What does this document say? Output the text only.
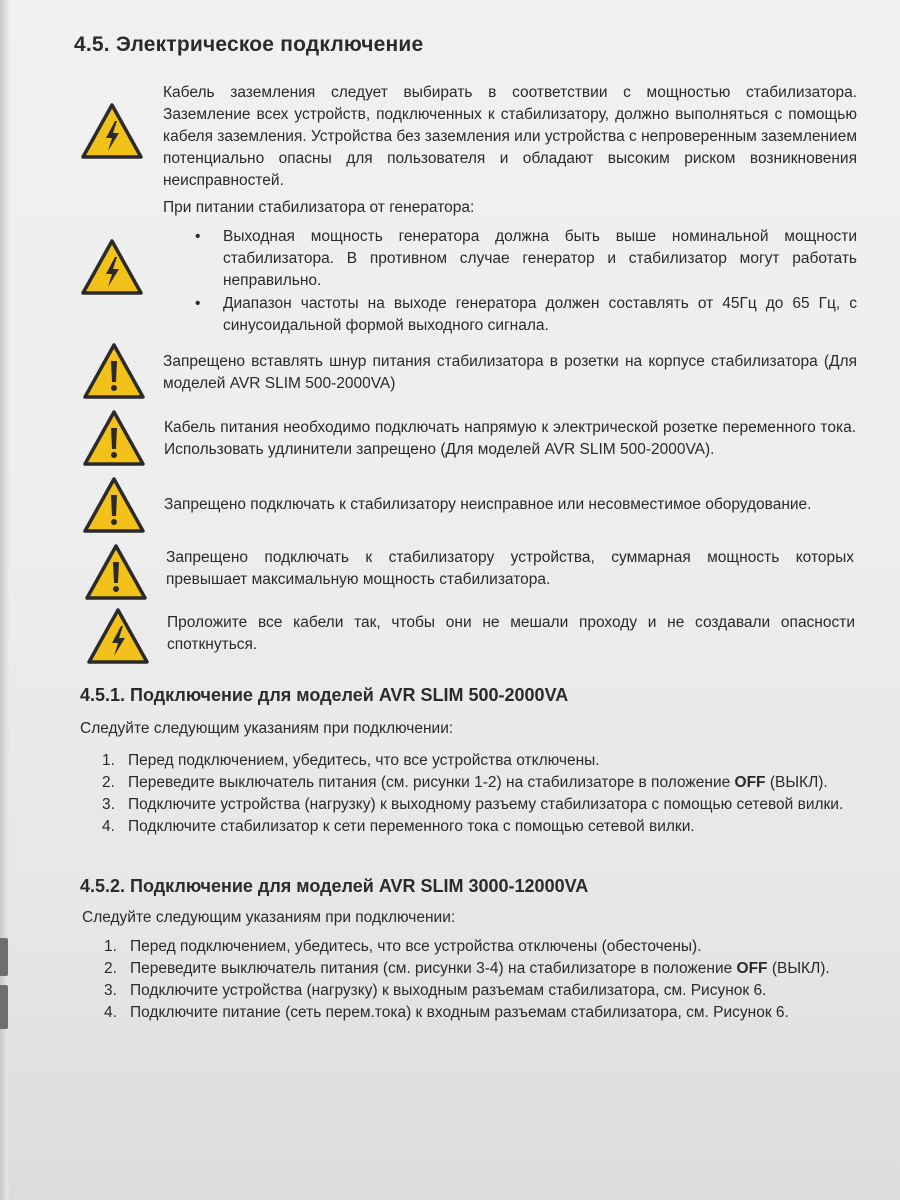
4.5. Электрическое подключение

Кабель заземления следует выбирать в соответствии с мощностью стабилизатора. Заземление всех устройств, подключенных к стабилизатору, должно выполняться с помощью кабеля заземления. Устройства без заземления или устройства с непроверенным заземлением потенциально опасны для пользователя и обладают высоким риском возникновения неисправностей.

При питании стабилизатора от генератора:

• Выходная мощность генератора должна быть выше номинальной мощности стабилизатора. В противном случае генератор и стабилизатор могут работать неправильно.
• Диапазон частоты на выходе генератора должен составлять от 45Гц до 65 Гц, с синусоидальной формой выходного сигнала.

Запрещено вставлять шнур питания стабилизатора в розетки на корпусе стабилизатора (Для моделей AVR SLIM 500-2000VA)

Кабель питания необходимо подключать напрямую к электрической розетке переменного тока. Использовать удлинители запрещено (Для моделей AVR SLIM 500-2000VA).

Запрещено подключать к стабилизатору неисправное или несовместимое оборудование.

Запрещено подключать к стабилизатору устройства, суммарная мощность которых превышает максимальную мощность стабилизатора.

Проложите все кабели так, чтобы они не мешали проходу и не создавали опасности споткнуться.

4.5.1. Подключение для моделей AVR SLIM 500-2000VA

Следуйте следующим указаниям при подключении:

1. Перед подключением, убедитесь, что все устройства отключены.
2. Переведите выключатель питания (см. рисунки 1-2) на стабилизаторе в положение OFF (ВЫКЛ).
3. Подключите устройства (нагрузку) к выходному разъему стабилизатора с помощью сетевой вилки.
4. Подключите стабилизатор к сети переменного тока с помощью сетевой вилки.
4.5.2. Подключение для моделей AVR SLIM 3000-12000VA

Следуйте следующим указаниям при подключении:

1. Перед подключением, убедитесь, что все устройства отключены (обесточены).
2. Переведите выключатель питания (см. рисунки 3-4) на стабилизаторе в положение OFF (ВЫКЛ).
3. Подключите устройства (нагрузку) к выходным разъемам стабилизатора, см. Рисунок 6.
4. Подключите питание (сеть перем.тока) к входным разъемам стабилизатора, см. Рисунок 6.
